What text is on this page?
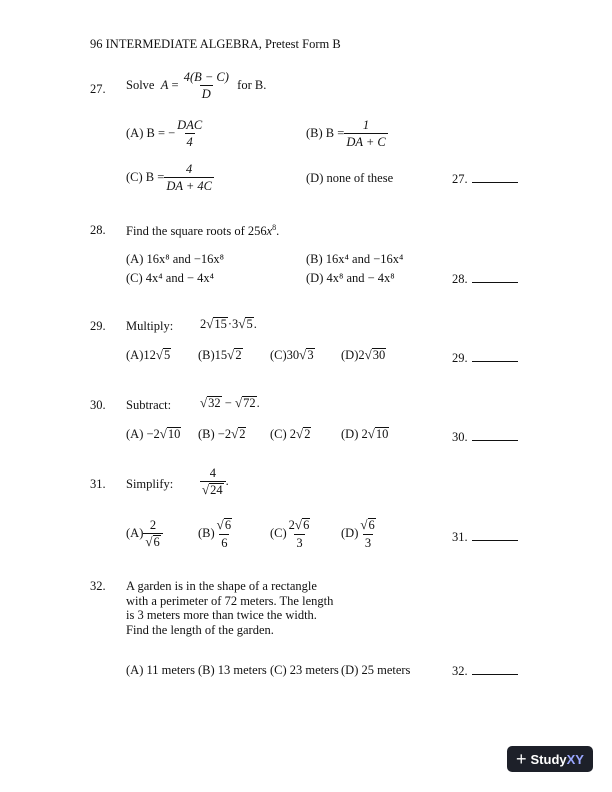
96 INTERMEDIATE ALGEBRA, Pretest Form B
27. Solve $A = \frac{4(B - C)}{D}$ for B.
(A) B = − $\frac{\text{DAC}}{4}$	(B) $B = \frac{1}{DA + C}$
(C) $B = \frac{4}{DA + 4C}$	(D) none of these	27.
28. Find the square roots of $256x^8$.
(A) 16x⁸ and −16x⁸	(B) 16x⁴ and −16x⁴
(C) 4x⁴ and − 4x⁴	(D) 4x⁸ and − 4x⁸	28.
29. Multiply: 2 √ 15 ·3 √ 5 .
(A)12 √ 5 (B)15 √ 2 (C)30 √ 3 (D)2 √ 30	29.
30. Subtract: √ 32 − √ 72 .
(A) −2 √ 10 (B) −2 √ 2 (C) 2 √ 2 (D) 2 √ 10	30.
31. Simplify: $\frac{4}{√ 24}$ .
$(A) \frac{2}{√ 6}$	$(B) \frac{√ 6}{6}$	$(C) \frac{2 √ 6}{3} (D) \frac{√ 6}{3}$	31.
32. A garden is in the shape of a rectangle
with a perimeter of 72 meters. The length
is 3 meters more than twice the width.
Find the length of the garden.
(A) 11 meters (B) 13 meters (C) 23 meters (D) 25 meters	32.
+ StudyXY
